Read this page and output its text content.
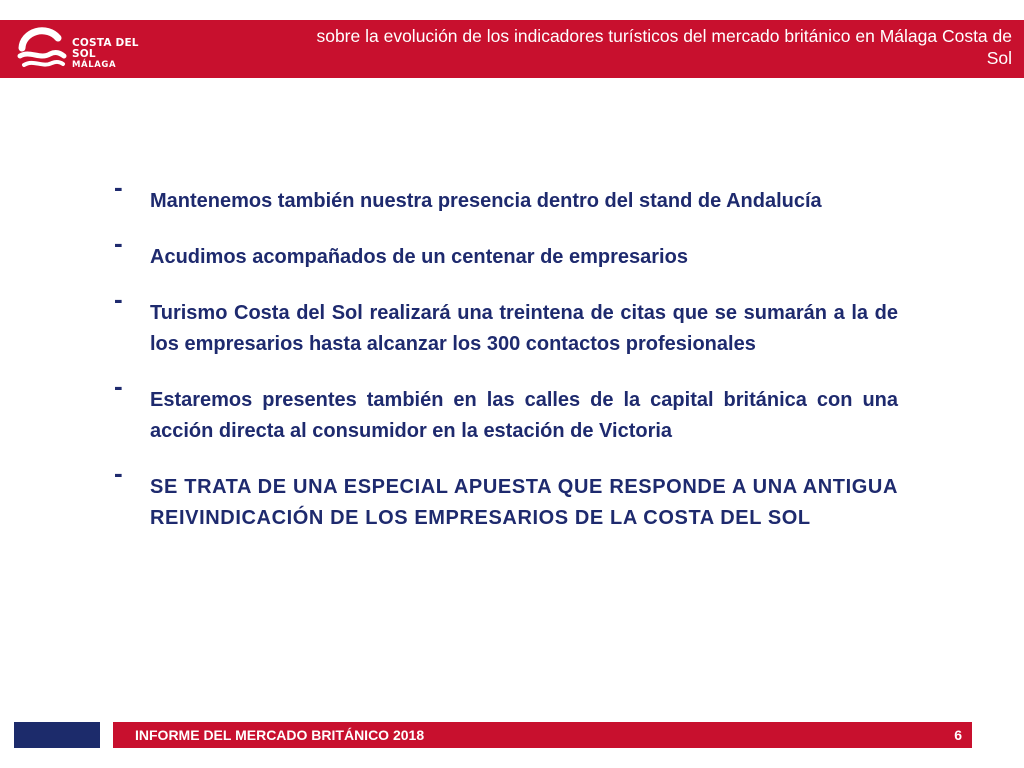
COSTA DEL SOL
MÁLAGA
sobre la evolución de los indicadores turísticos del mercado británico en Málaga Costa de Sol
- Mantenemos también nuestra presencia dentro del stand de Andalucía
- Acudimos acompañados de un centenar de empresarios
- Turismo Costa del Sol realizará una treintena de citas que se sumarán a la de los empresarios hasta alcanzar los 300 contactos profesionales
- Estaremos presentes también en las calles de la capital británica con una acción directa al consumidor en la estación de Victoria
- SE TRATA DE UNA ESPECIAL APUESTA QUE RESPONDE A UNA ANTIGUA REIVINDICACIÓN DE LOS EMPRESARIOS DE LA COSTA DEL SOL
INFORME DEL MERCADO BRITÁNICO 2018	6
